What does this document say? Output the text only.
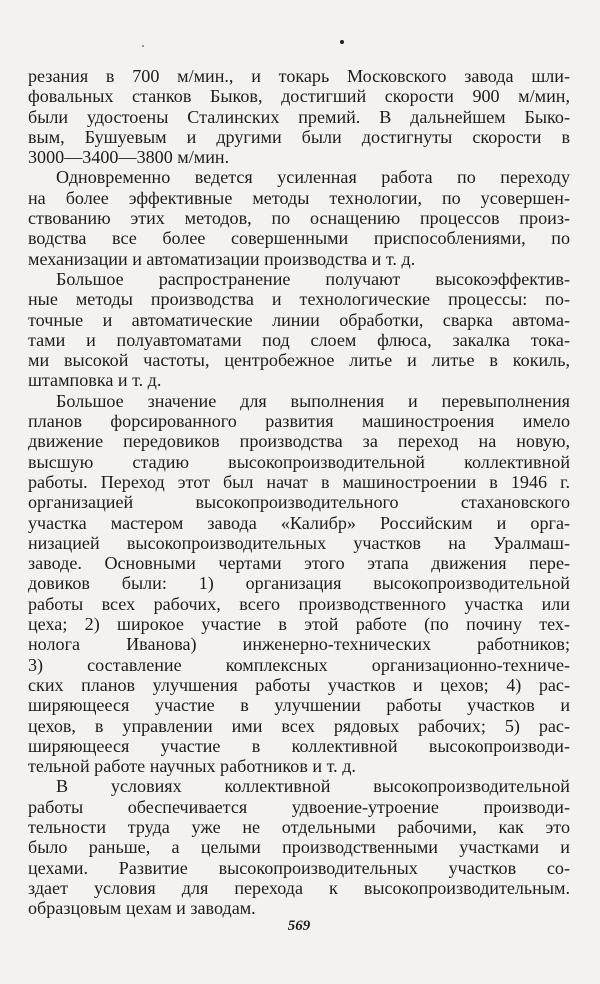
резания в 700 м/мин., и токарь Московского завода шли-
фовальных станков Быков, достигший скорости 900 м/мин,
были удостоены Сталинских премий. В дальнейшем Быко-
вым, Бушуевым и другими были достигнуты скорости в
3000—3400—3800 м/мин.
Одновременно ведется усиленная работа по переходу
на более эффективные методы технологии, по усовершен-
ствованию этих методов, по оснащению процессов произ-
водства все более совершенными приспособлениями, по
механизации и автоматизации производства и т. д.
Большое распространение получают высокоэффектив-
ные методы производства и технологические процессы: по-
точные и автоматические линии обработки, сварка автома-
тами и полуавтоматами под слоем флюса, закалка тока-
ми высокой частоты, центробежное литье и литье в кокиль,
штамповка и т. д.
Большое значение для выполнения и перевыполнения
планов форсированного развития машиностроения имело
движение передовиков производства за переход на новую,
высшую стадию высокопроизводительной коллективной
работы. Переход этот был начат в машиностроении в 1946 г.
организацией высокопроизводительного стахановского
участка мастером завода «Калибр» Российским и орга-
низацией высокопроизводительных участков на Уралмаш-
заводе. Основными чертами этого этапа движения пере-
довиков были: 1) организация высокопроизводительной
работы всех рабочих, всего производственного участка или
цеха; 2) широкое участие в этой работе (по почину тех-
нолога Иванова) инженерно-технических работников;
3) составление комплексных организационно-техниче-
ских планов улучшения работы участков и цехов; 4) рас-
ширяющееся участие в улучшении работы участков и
цехов, в управлении ими всех рядовых рабочих; 5) рас-
ширяющееся участие в коллективной высокопроизводи-
тельной работе научных работников и т. д.
В условиях коллективной высокопроизводительной
работы обеспечивается удвоение-утроение производи-
тельности труда уже не отдельными рабочими, как это
было раньше, а целыми производственными участками и
цехами. Развитие высокопроизводительных участков со-
здает условия для перехода к высокопроизводительным.
образцовым цехам и заводам.
569
